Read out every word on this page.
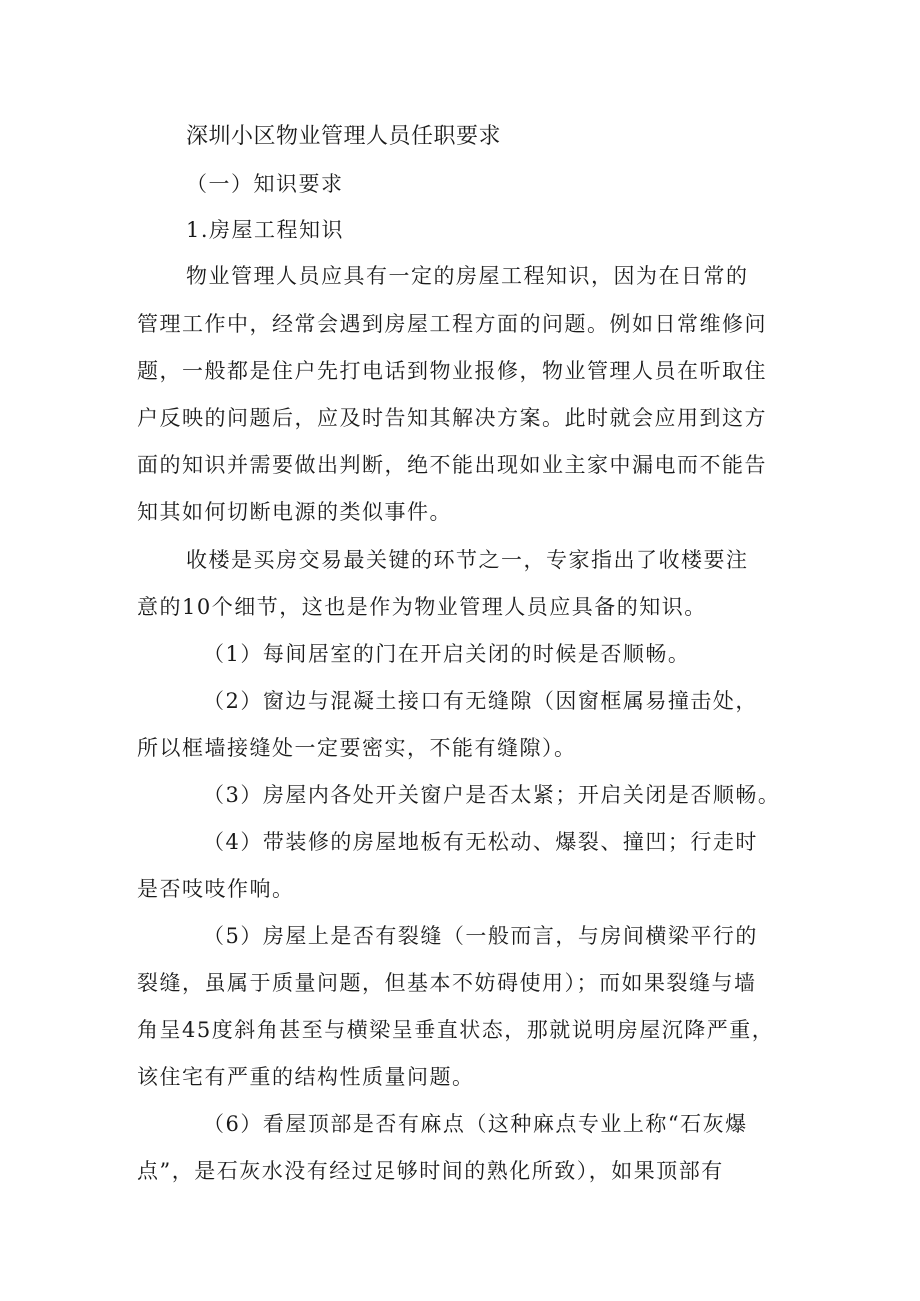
深圳小区物业管理人员任职要求
（一）知识要求
1.房屋工程知识
物业管理人员应具有一定的房屋工程知识，因为在日常的
管理工作中，经常会遇到房屋工程方面的问题。例如日常维修问
题，一般都是住户先打电话到物业报修，物业管理人员在听取住
户反映的问题后，应及时告知其解决方案。此时就会应用到这方
面的知识并需要做出判断，绝不能出现如业主家中漏电而不能告
知其如何切断电源的类似事件。
收楼是买房交易最关键的环节之一，专家指出了收楼要注
意的10个细节，这也是作为物业管理人员应具备的知识。
（1）每间居室的门在开启关闭的时候是否顺畅。
（2）窗边与混凝土接口有无缝隙（因窗框属易撞击处，
所以框墙接缝处一定要密实，不能有缝隙）。
（3）房屋内各处开关窗户是否太紧；开启关闭是否顺畅。
（4）带装修的房屋地板有无松动、爆裂、撞凹；行走时
是否吱吱作响。
（5）房屋上是否有裂缝（一般而言，与房间横梁平行的
裂缝，虽属于质量问题，但基本不妨碍使用）；而如果裂缝与墙
角呈45度斜角甚至与横梁呈垂直状态，那就说明房屋沉降严重，
该住宅有严重的结构性质量问题。
（6）看屋顶部是否有麻点（这种麻点专业上称“石灰爆
点”，是石灰水没有经过足够时间的熟化所致），如果顶部有
